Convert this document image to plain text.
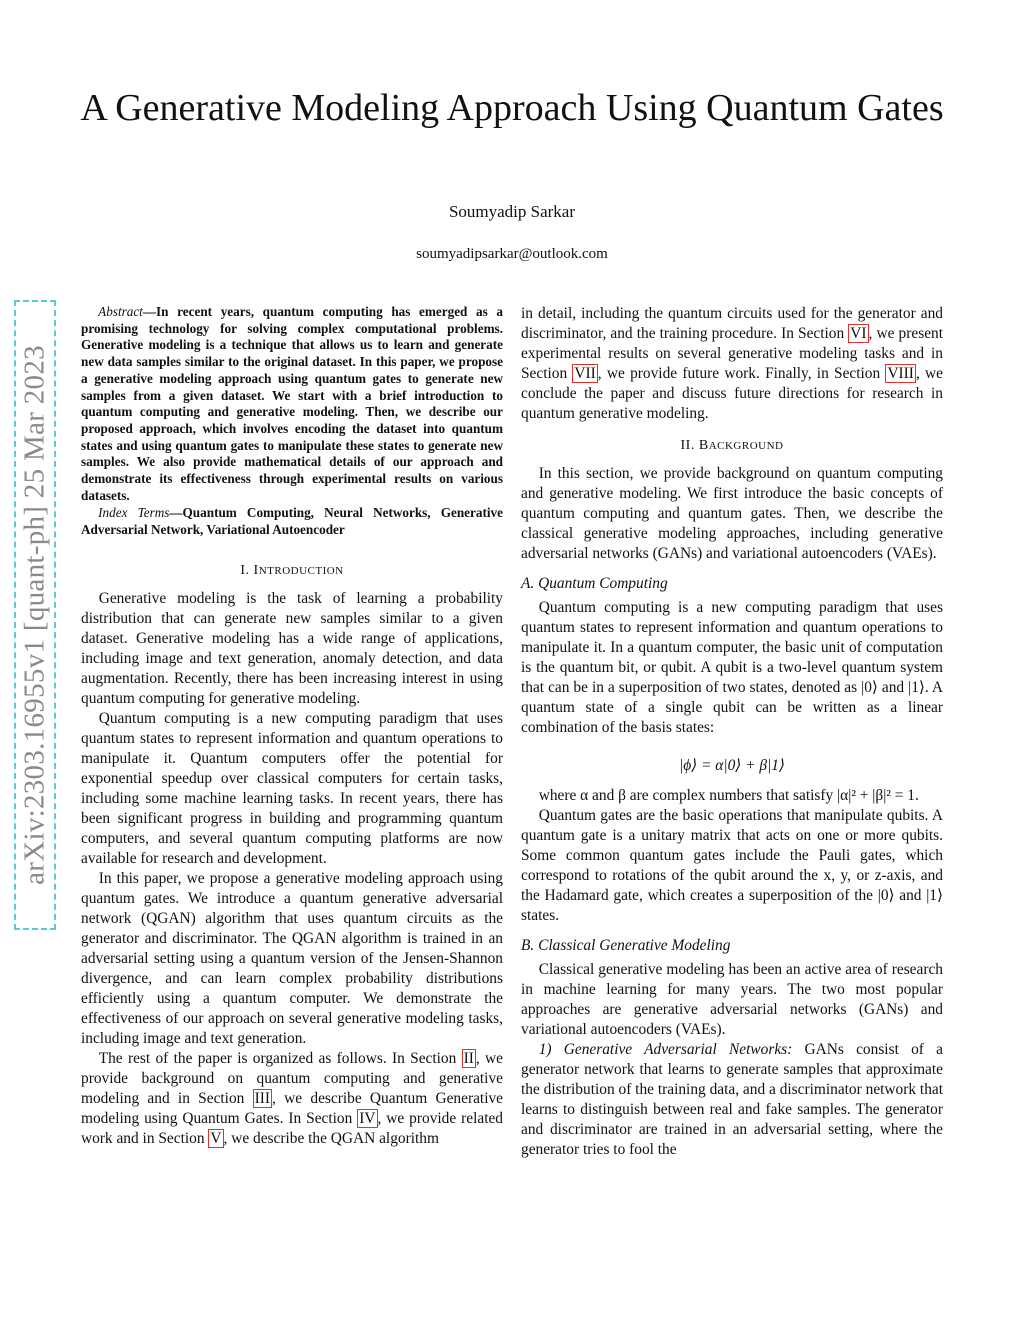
A Generative Modeling Approach Using Quantum Gates
Soumyadip Sarkar
soumyadipsarkar@outlook.com
arXiv:2303.16955v1 [quant-ph] 25 Mar 2023

Abstract—In recent years, quantum computing has emerged as a promising technology for solving complex computational problems. Generative modeling is a technique that allows us to learn and generate new data samples similar to the original dataset. In this paper, we propose a generative modeling approach using quantum gates to generate new samples from a given dataset. We start with a brief introduction to quantum computing and generative modeling. Then, we describe our proposed approach, which involves encoding the dataset into quantum states and using quantum gates to manipulate these states to generate new samples. We also provide mathematical details of our approach and demonstrate its effectiveness through experimental results on various datasets.

Index Terms—Quantum Computing, Neural Networks, Generative Adversarial Network, Variational Autoencoder

I. INTRODUCTION

Generative modeling is the task of learning a probability distribution that can generate new samples similar to a given dataset. Generative modeling has a wide range of applications, including image and text generation, anomaly detection, and data augmentation. Recently, there has been increasing interest in using quantum computing for generative modeling.

Quantum computing is a new computing paradigm that uses quantum states to represent information and quantum operations to manipulate it. Quantum computers offer the potential for exponential speedup over classical computers for certain tasks, including some machine learning tasks. In recent years, there has been significant progress in building and programming quantum computers, and several quantum computing platforms are now available for research and development.

In this paper, we propose a generative modeling approach using quantum gates. We introduce a quantum generative adversarial network (QGAN) algorithm that uses quantum circuits as the generator and discriminator. The QGAN algorithm is trained in an adversarial setting using a quantum version of the Jensen-Shannon divergence, and can learn complex probability distributions efficiently using a quantum computer. We demonstrate the effectiveness of our approach on several generative modeling tasks, including image and text generation.

The rest of the paper is organized as follows. In Section II , we provide background on quantum computing and generative modeling and in Section III , we describe Quantum Generative modeling using Quantum Gates. In Section IV , we provide related work and in Section V , we describe the QGAN algorithm

in detail, including the quantum circuits used for the generator and discriminator, and the training procedure. In Section VI , we present experimental results on several generative modeling tasks and in Section VII , we provide future work. Finally, in Section VIII , we conclude the paper and discuss future directions for research in quantum generative modeling.

II. BACKGROUND

In this section, we provide background on quantum computing and generative modeling. We first introduce the basic concepts of quantum computing and quantum gates. Then, we describe the classical generative modeling approaches, including generative adversarial networks (GANs) and variational autoencoders (VAEs).

A. Quantum Computing

Quantum computing is a new computing paradigm that uses quantum states to represent information and quantum operations to manipulate it. In a quantum computer, the basic unit of computation is the quantum bit, or qubit. A qubit is a two-level quantum system that can be in a superposition of two states, denoted as |0⟩ and |1⟩. A quantum state of a single qubit can be written as a linear combination of the basis states:

|ϕ⟩ = α|0⟩ + β|1⟩

where α and β are complex numbers that satisfy |α|² + |β|² = 1.

Quantum gates are the basic operations that manipulate qubits. A quantum gate is a unitary matrix that acts on one or more qubits. Some common quantum gates include the Pauli gates, which correspond to rotations of the qubit around the x, y, or z-axis, and the Hadamard gate, which creates a superposition of the |0⟩ and |1⟩ states.

B. Classical Generative Modeling

Classical generative modeling has been an active area of research in machine learning for many years. The two most popular approaches are generative adversarial networks (GANs) and variational autoencoders (VAEs).

1) Generative Adversarial Networks: GANs consist of a generator network that learns to generate samples that approximate the distribution of the training data, and a discriminator network that learns to distinguish between real and fake samples. The generator and discriminator are trained in an adversarial setting, where the generator tries to fool the
